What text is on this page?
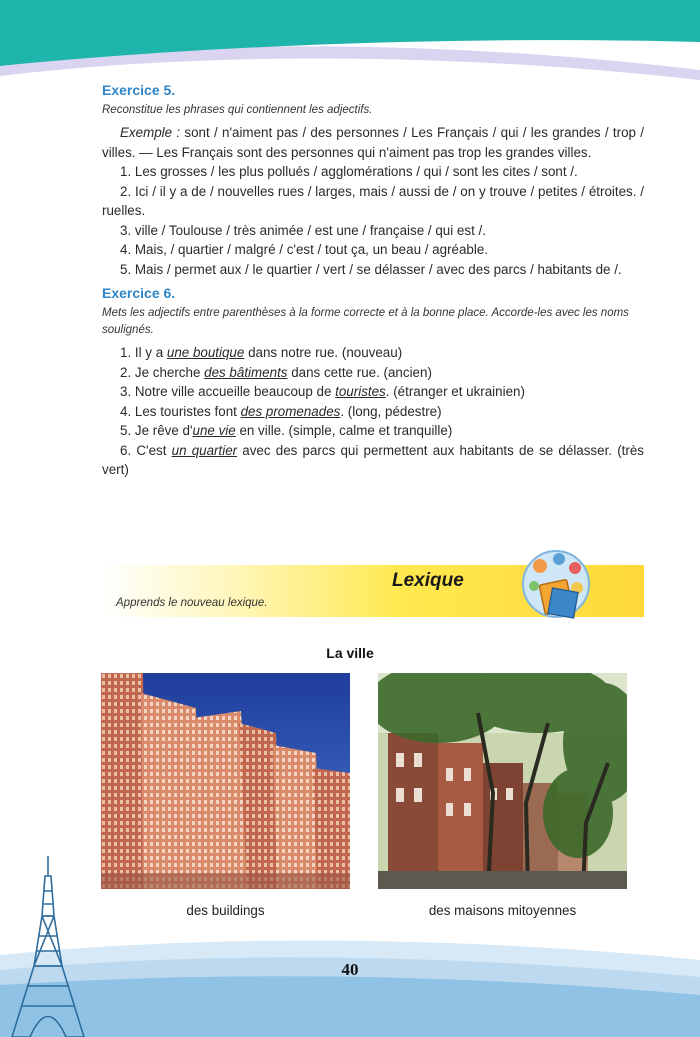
Exercice 5.
Reconstitue les phrases qui contiennent les adjectifs.

Exemple : sont / n'aiment pas / des personnes / Les Français / qui / les grandes / trop / villes. — Les Français sont des personnes qui n'aiment pas trop les grandes villes.

1. Les grosses / les plus pollués / agglomérations / qui / sont les cites / sont /.

2. Ici / il y a de / nouvelles rues / larges, mais / aussi de / on y trouve / petites / étroites. / ruelles.

3. ville / Toulouse / très animée / est une / française / qui est /.

4. Mais, / quartier / malgré / c'est / tout ça, un beau / agréable.

5. Mais / permet aux / le quartier / vert / se délasser / avec des parcs / habitants de /.

Exercice 6.
Mets les adjectifs entre parenthèses à la forme correcte et à la bonne place. Accorde-les avec les noms soulignés.

1. Il y a une boutique dans notre rue. (nouveau)

2. Je cherche des bâtiments dans cette rue. (ancien)

3. Notre ville accueille beaucoup de touristes. (étranger et ukrainien)

4. Les touristes font des promenades. (long, pédestre)

5. Je rêve d'une vie en ville. (simple, calme et tranquille)

6. C'est un quartier avec des parcs qui permettent aux habitants de se délasser. (très vert)

Lexique
Apprends le nouveau lexique.
La ville
des buildings	des maisons mitoyennes
40
